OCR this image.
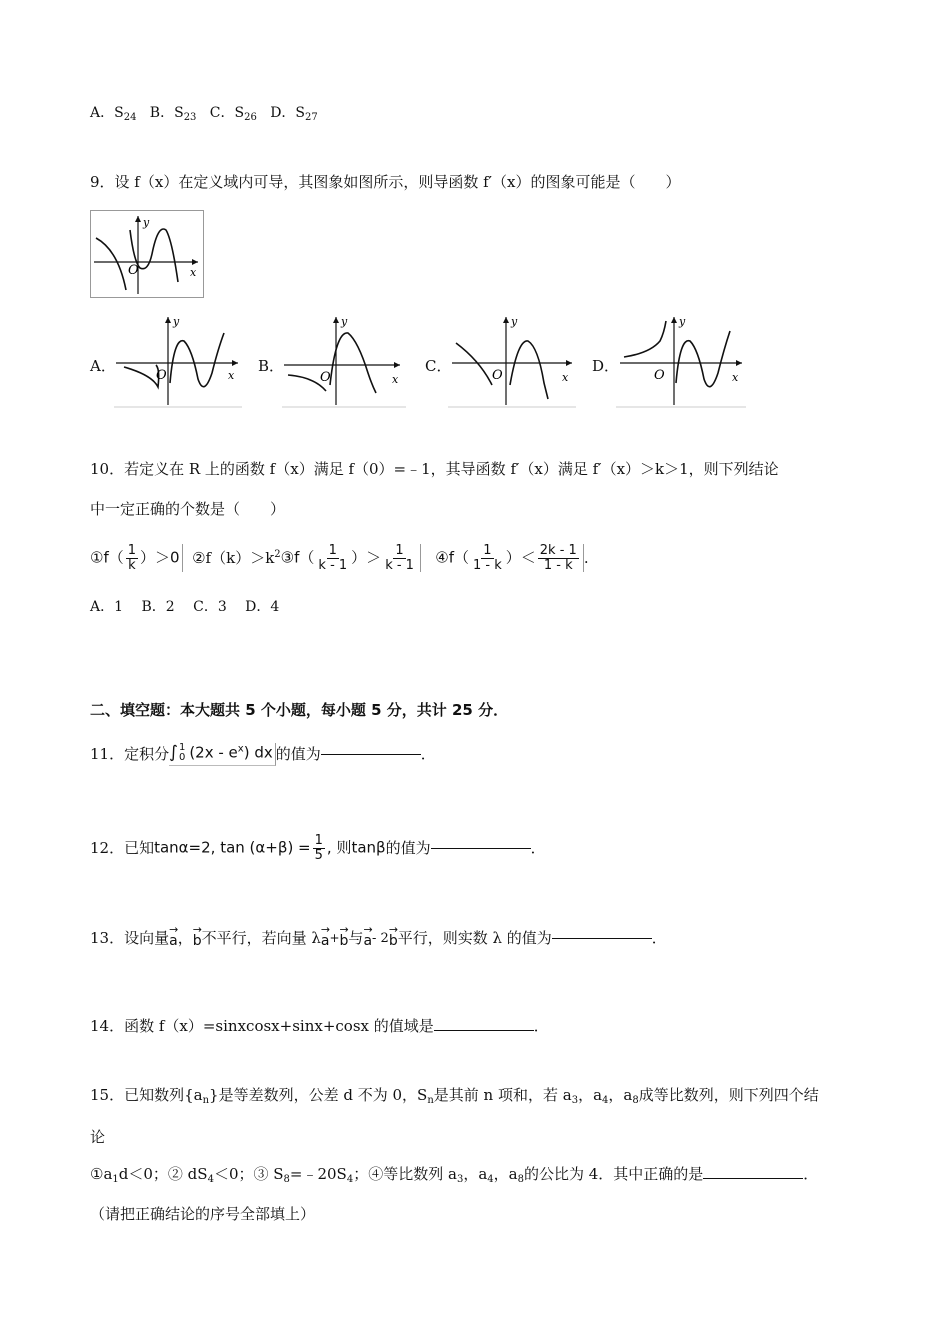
A．$S_{24}$ B．$S_{23}$ C．$S_{26}$ D．$S_{27}$
9．设 f（x）在定义域内可导，其图象如图所示，则导函数 f′（x）的图象可能是（　　）
y
x
O
A．	B．	C．	D．
y
x
O
y
x
O
y
x
O
y
x
O
10．若定义在 R 上的函数 f（x）满足 f（0）=﹣1，其导函数 f′（x）满足 f′（x）＞k＞1，则下列结论
中一定正确的个数是（　　）
①f（ $\frac{1}{k} )>0$
$②f(k)>k^2$ ③f（ $\frac{1}{k - 1}$ ）＞ $\frac{1}{k - 1}$
④f（ $\frac{1}{1 - k}$ ）＜ $\frac{2k - 1}{1 - k}$ .
A．1　 B．2　 C．3　 D．4
二、填空题：本大题共 5 个小题，每小题 5 分，共计 25 分．
11．定积分 ∫ 1
0 $(2x - e^x)$ dx 的值为	．
12．已知 tanα=2, $\tan (\alpha+\beta) = \frac{1}{5}$ , 则tanβ 的值为	．
13．设向量 →
a ， →
b 不平行，若向量 λ →
a +
→
b 与 →
a - 2
→
b 平行，则实数 λ 的值为	．
14．函数 f（x）=sinxcosx+sinx+cosx 的值域是	．
15．已知数列$\{a_n\}$是等差数列，公差 d 不为 0，$S_n$是其前 n 项和，若 $a_3$，$a_4$，$a_8$成等比数列，则下列四个结
论
$①a_1d<0$；② $dS_4<0$；③ $S_8=﹣20S_4$；④等比数列 $a_3$，$a_4$，$a_8$的公比为 4．其中正确的是	．
（请把正确结论的序号全部填上）
